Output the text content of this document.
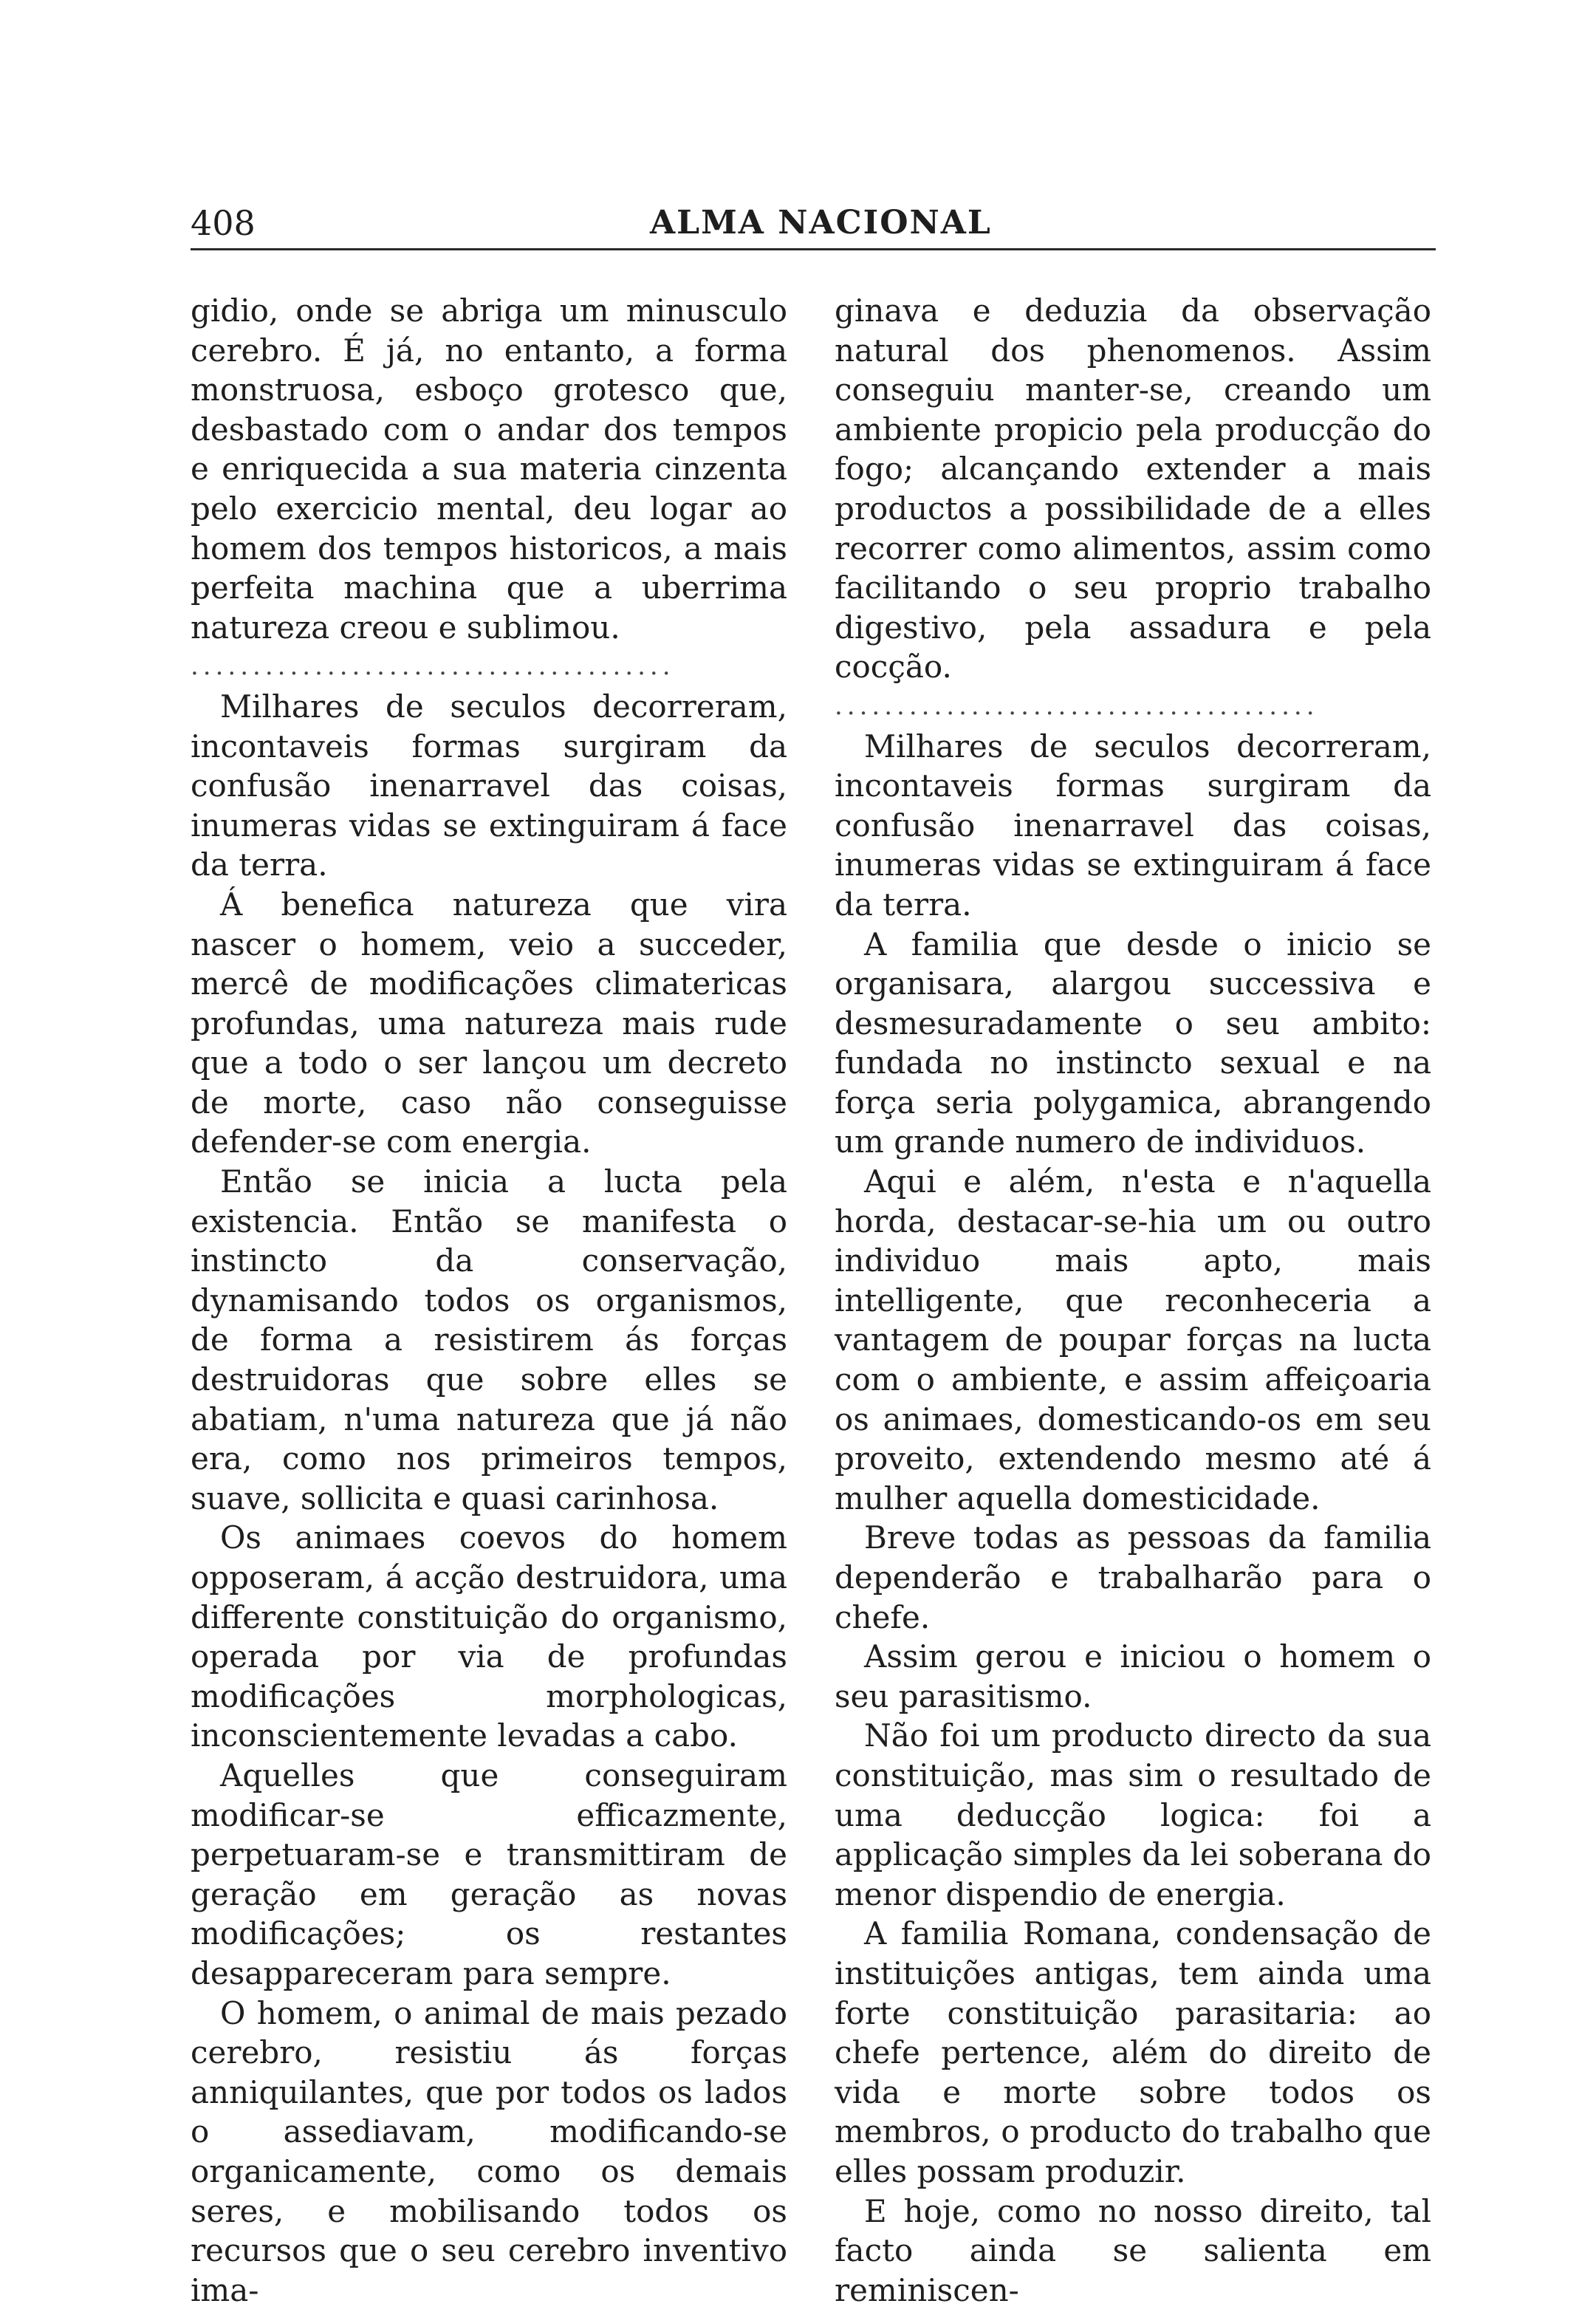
408	ALMA NACIONAL

gidio, onde se abriga um minusculo cerebro. É já, no entanto, a forma monstruosa, esboço grotesco que, desbastado com o andar dos tempos e enriquecida a sua materia cinzenta pelo exercicio mental, deu logar ao homem dos tempos historicos, a mais perfeita machina que a uberrima natureza creou e sublimou.

.......................................

Milhares de seculos decorreram, incontaveis formas surgiram da confusão inenarravel das coisas, inumeras vidas se extinguiram á face da terra.

Á benefica natureza que vira nascer o homem, veio a succeder, mercê de modificações climatericas profundas, uma natureza mais rude que a todo o ser lançou um decreto de morte, caso não conseguisse defender-se com energia.

Então se inicia a lucta pela existencia. Então se manifesta o instincto da conservação, dynamisando todos os organismos, de forma a resistirem ás forças destruidoras que sobre elles se abatiam, n'uma natureza que já não era, como nos primeiros tempos, suave, sollicita e quasi carinhosa.

Os animaes coevos do homem opposeram, á acção destruidora, uma differente constituição do organismo, operada por via de profundas modificações morphologicas, inconscientemente levadas a cabo.

Aquelles que conseguiram modificar-se efficazmente, perpetuaram-se e transmittiram de geração em geração as novas modificações; os restantes desappareceram para sempre.

O homem, o animal de mais pezado cerebro, resistiu ás forças anniquilantes, que por todos os lados o assediavam, modificando-se organicamente, como os demais seres, e mobilisando todos os recursos que o seu cerebro inventivo ima-

ginava e deduzia da observação natural dos phenomenos. Assim conseguiu manter-se, creando um ambiente propicio pela producção do fogo; alcançando extender a mais productos a possibilidade de a elles recorrer como alimentos, assim como facilitando o seu proprio trabalho digestivo, pela assadura e pela cocção.

.......................................

Milhares de seculos decorreram, incontaveis formas surgiram da confusão inenarravel das coisas, inumeras vidas se extinguiram á face da terra.

A familia que desde o inicio se organisara, alargou successiva e desmesuradamente o seu ambito: fundada no instincto sexual e na força seria polygamica, abrangendo um grande numero de individuos.

Aqui e além, n'esta e n'aquella horda, destacar-se-hia um ou outro individuo mais apto, mais intelligente, que reconheceria a vantagem de poupar forças na lucta com o ambiente, e assim affeiçoaria os animaes, domesticando-os em seu proveito, extendendo mesmo até á mulher aquella domesticidade.

Breve todas as pessoas da familia dependerão e trabalharão para o chefe.

Assim gerou e iniciou o homem o seu parasitismo.

Não foi um producto directo da sua constituição, mas sim o resultado de uma deducção logica: foi a applicação simples da lei soberana do menor dispendio de energia.

A familia Romana, condensação de instituições antigas, tem ainda uma forte constituição parasitaria: ao chefe pertence, além do direito de vida e morte sobre todos os membros, o producto do trabalho que elles possam produzir.

E hoje, como no nosso direito, tal facto ainda se salienta em reminiscen-
